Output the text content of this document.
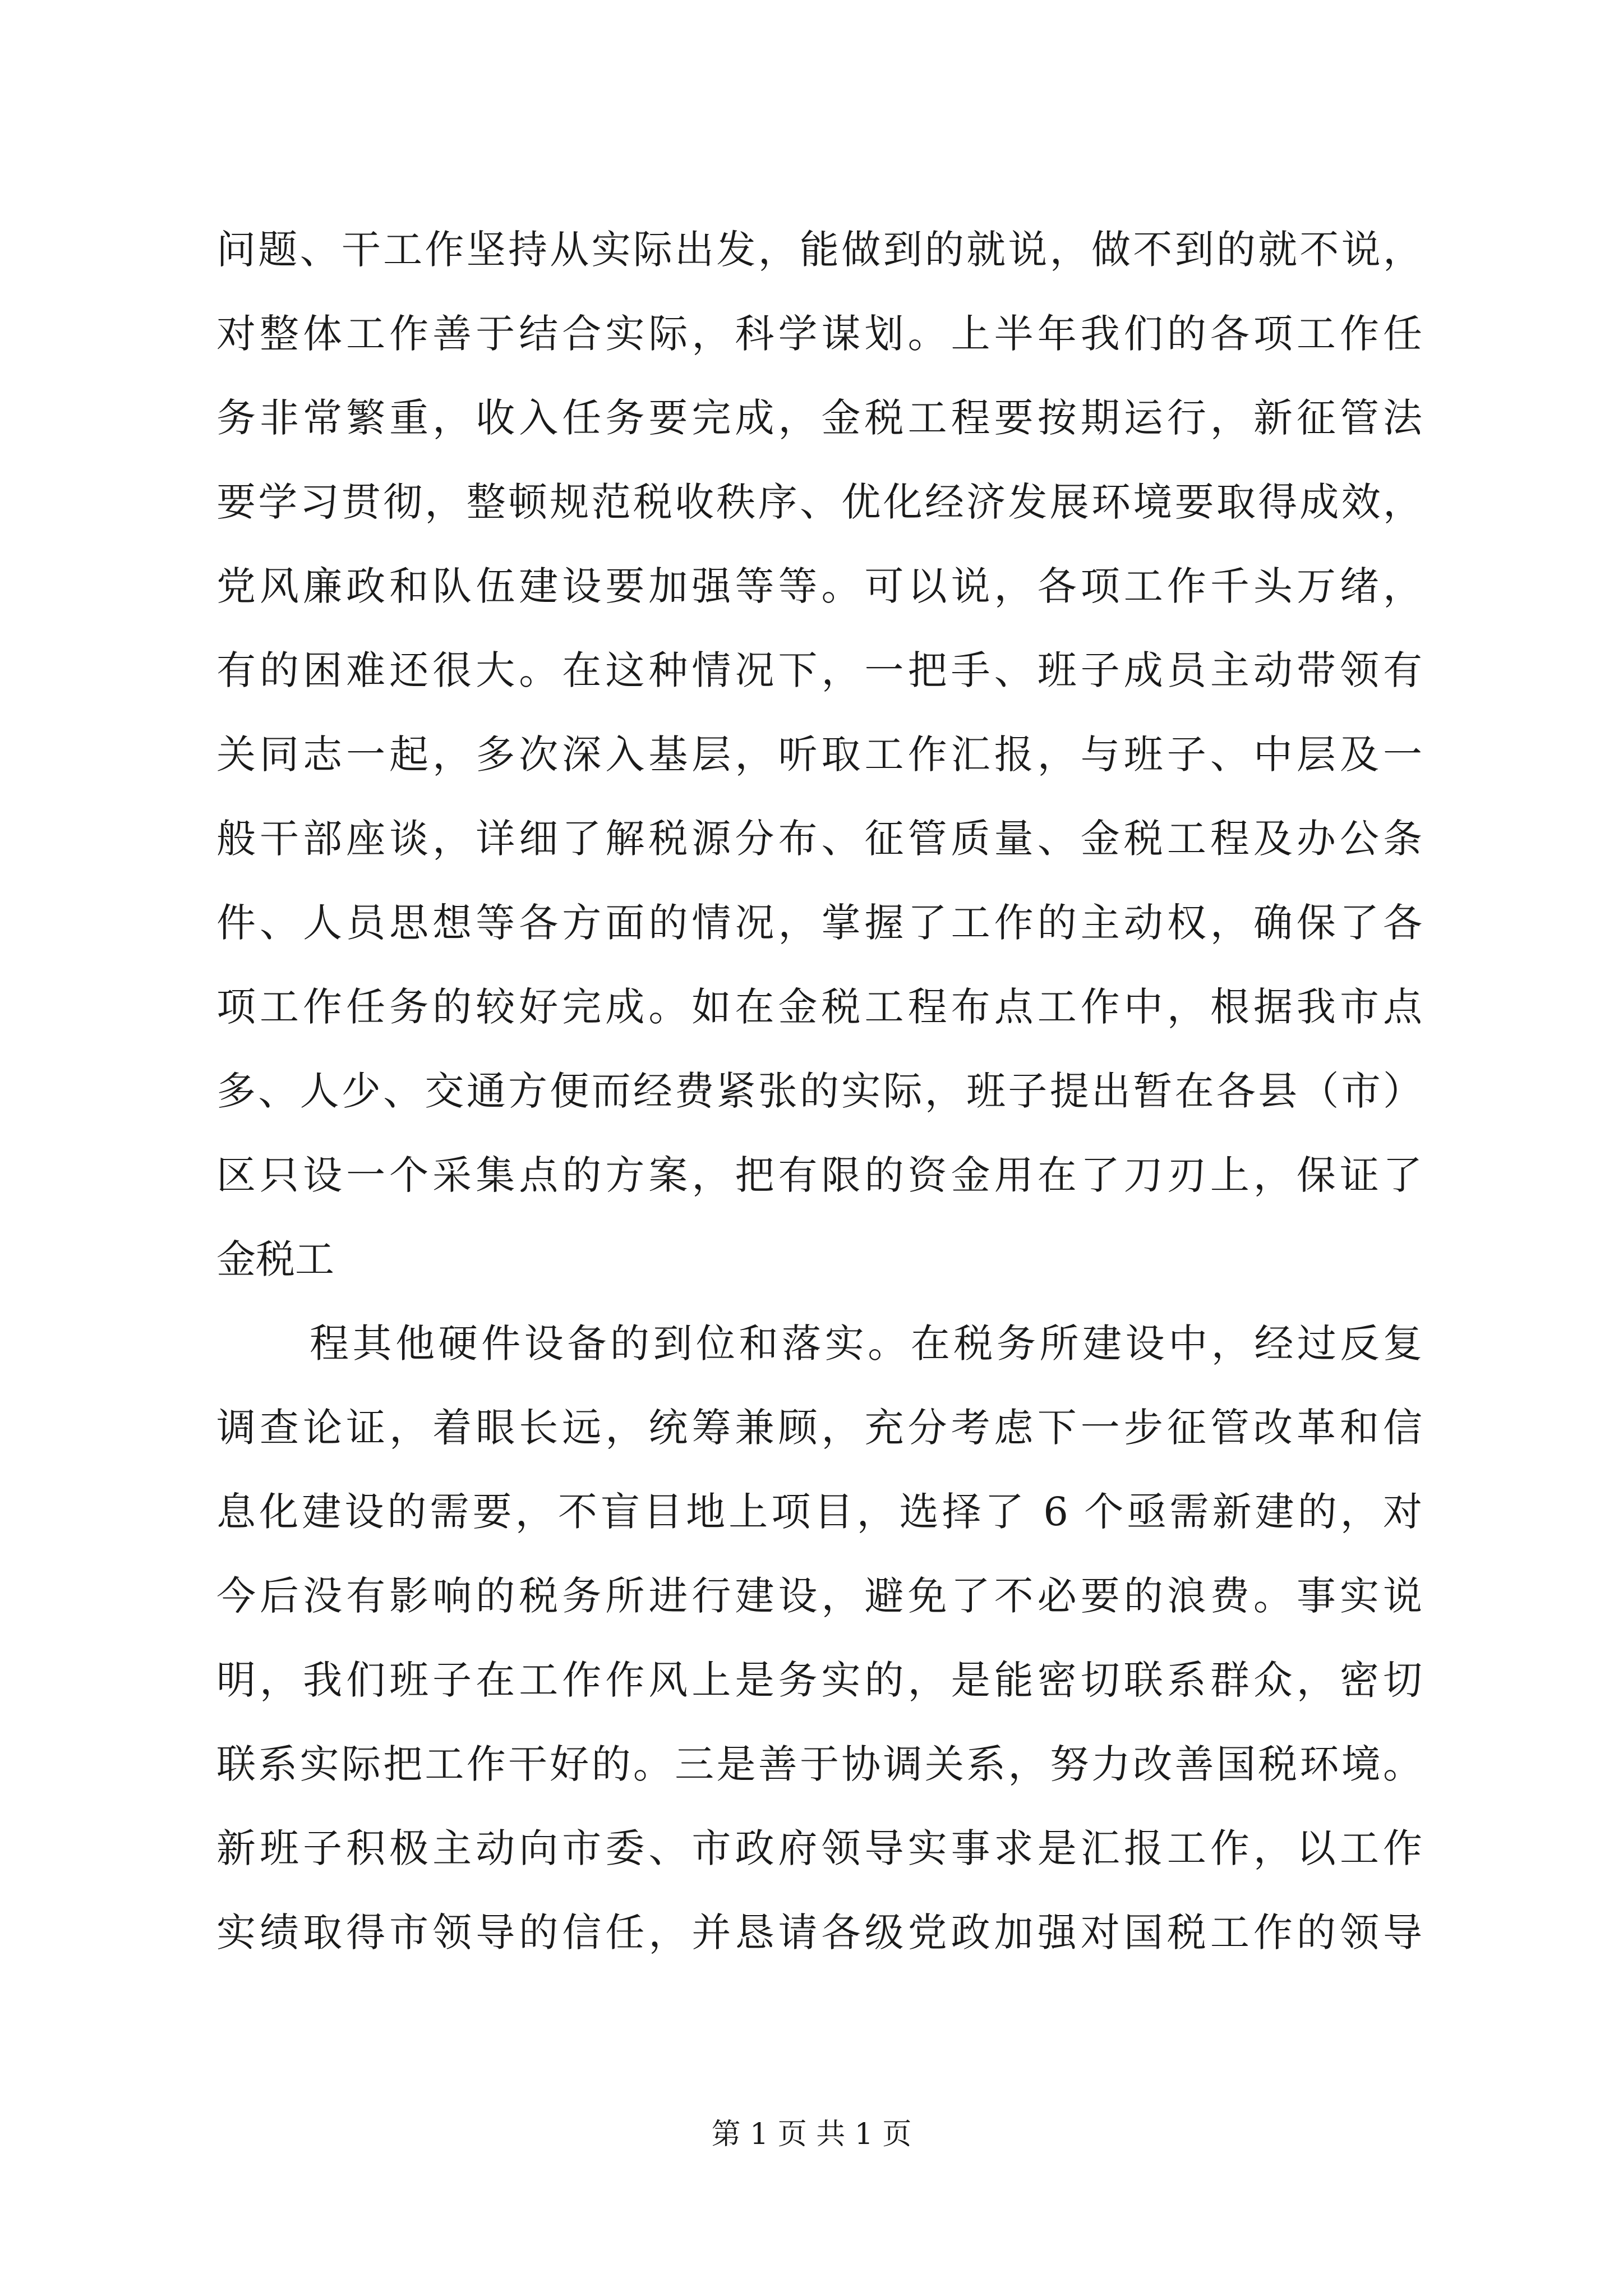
问题、干工作坚持从实际出发，能做到的就说，做不到的就不说，
对整体工作善于结合实际，科学谋划。上半年我们的各项工作任
务非常繁重，收入任务要完成，金税工程要按期运行，新征管法
要学习贯彻，整顿规范税收秩序、优化经济发展环境要取得成效，
党风廉政和队伍建设要加强等等。可以说，各项工作千头万绪，
有的困难还很大。在这种情况下，一把手、班子成员主动带领有
关同志一起，多次深入基层，听取工作汇报，与班子、中层及一
般干部座谈，详细了解税源分布、征管质量、金税工程及办公条
件、人员思想等各方面的情况，掌握了工作的主动权，确保了各
项工作任务的较好完成。如在金税工程布点工作中，根据我市点
多、人少、交通方便而经费紧张的实际，班子提出暂在各县（市）
区只设一个采集点的方案，把有限的资金用在了刀刃上，保证了
金税工
程其他硬件设备的到位和落实。在税务所建设中，经过反复
调查论证，着眼长远，统筹兼顾，充分考虑下一步征管改革和信
息化建设的需要，不盲目地上项目，选择了 6 个亟需新建的，对
今后没有影响的税务所进行建设，避免了不必要的浪费。事实说
明，我们班子在工作作风上是务实的，是能密切联系群众，密切
联系实际把工作干好的。三是善于协调关系，努力改善国税环境。
新班子积极主动向市委、市政府领导实事求是汇报工作，以工作
实绩取得市领导的信任，并恳请各级党政加强对国税工作的领导
第 1 页 共 1 页
